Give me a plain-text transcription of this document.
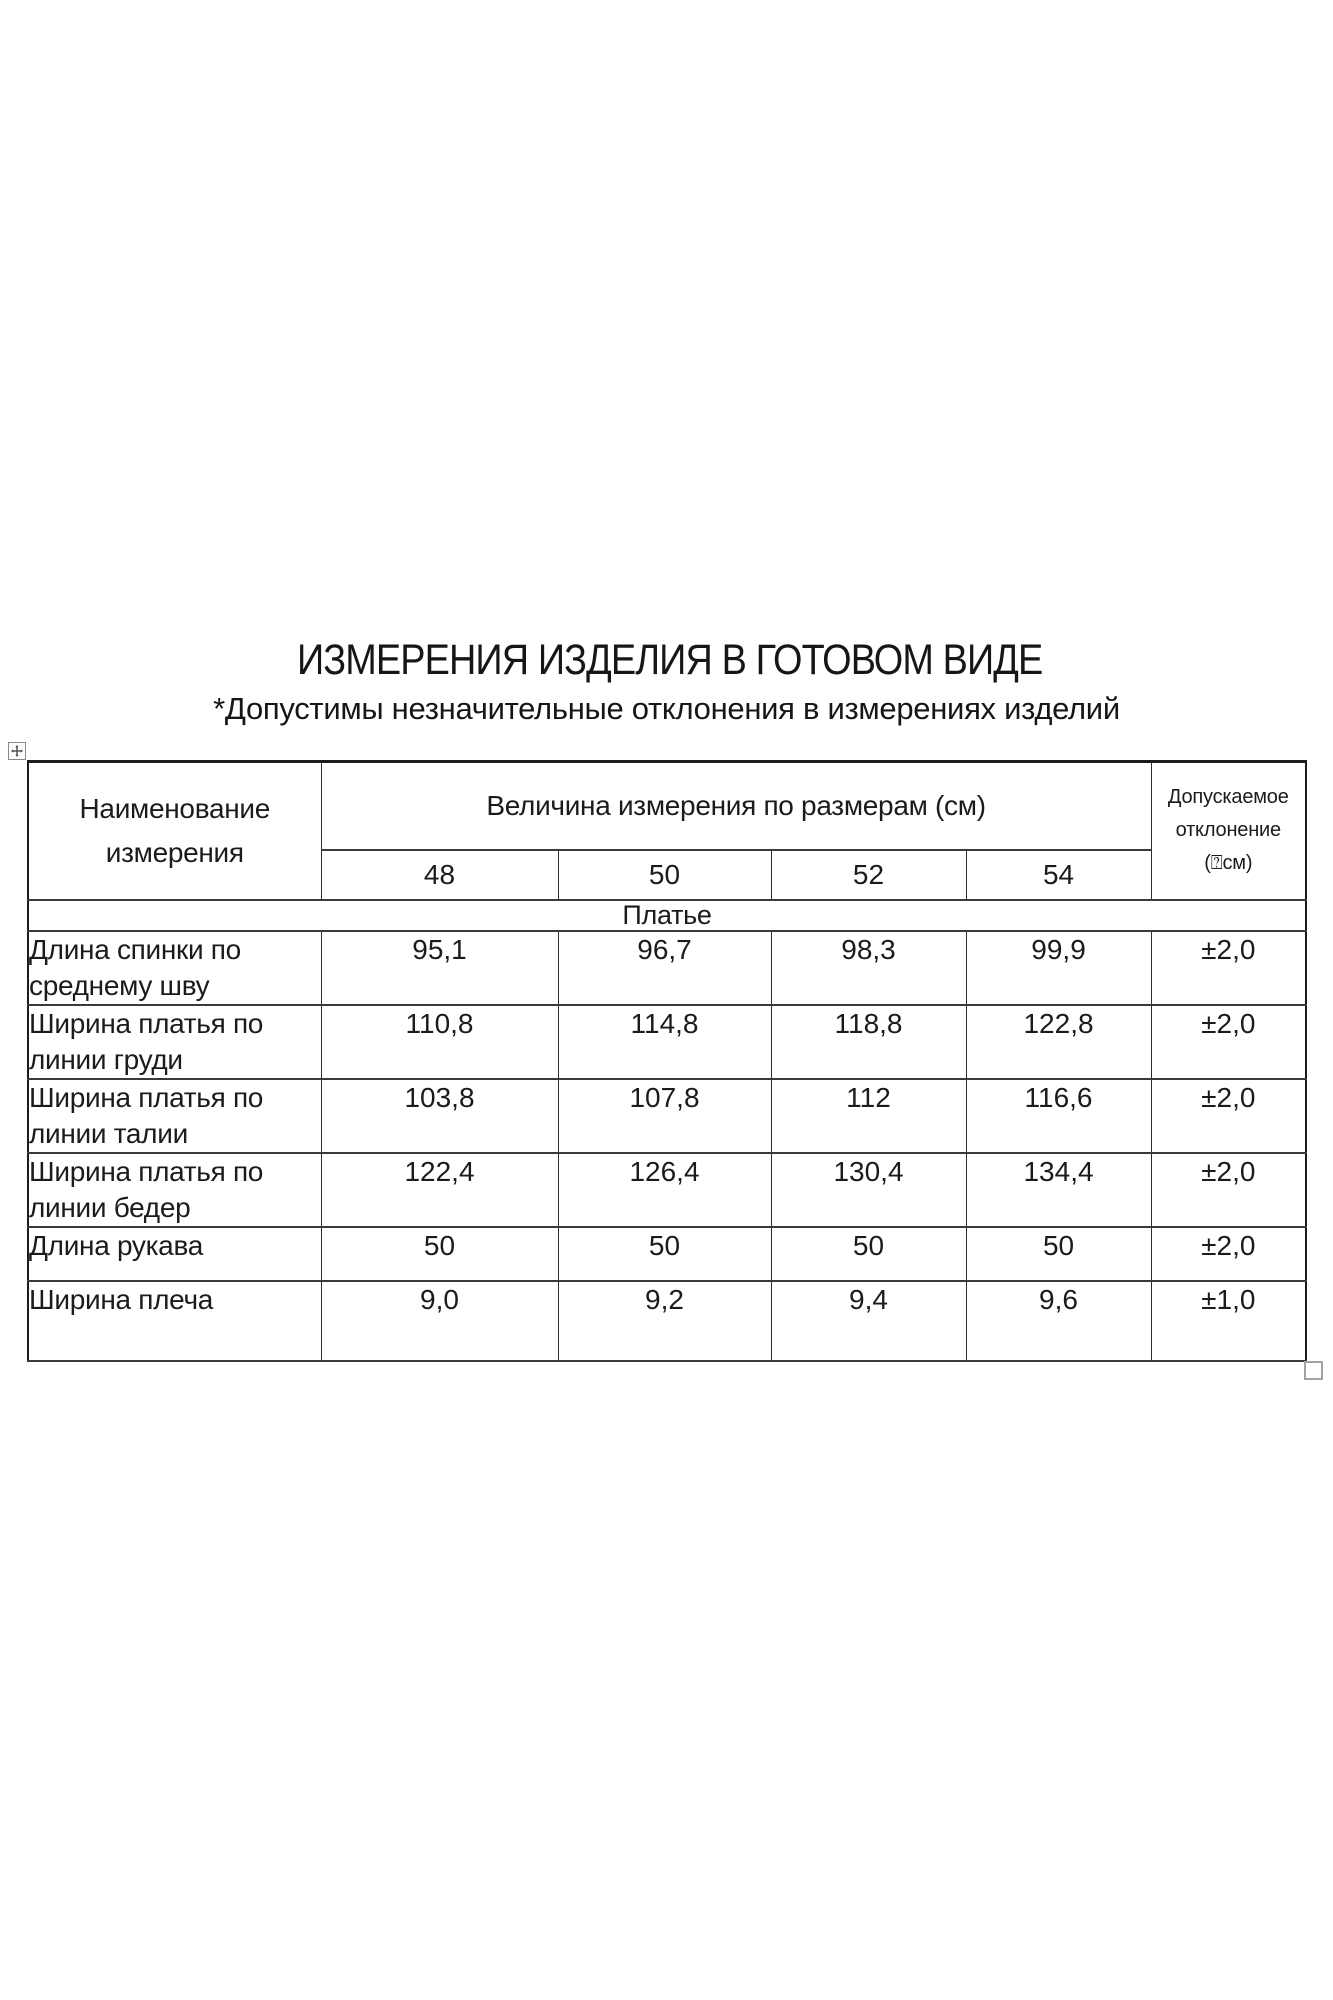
ИЗМЕРЕНИЯ ИЗДЕЛИЯ В ГОТОВОМ ВИДЕ
*Допустимы незначительные отклонения в измерениях изделий
Наименование измерения	Величина измерения по размерам (см)				Допускаемое
отклонение
(⍰см)

	48	50	52	54	
Платье					
Длина спинки по среднему шву	95,1	96,7	98,3	99,9	±2,0
Ширина платья по линии груди	110,8	114,8	118,8	122,8	±2,0
Ширина платья по линии талии	103,8	107,8	112	116,6	±2,0
Ширина платья по линии бедер	122,4	126,4	130,4	134,4	±2,0
Длина рукава	50	50	50	50	±2,0
Ширина плеча	9,0	9,2	9,4	9,6	±1,0
